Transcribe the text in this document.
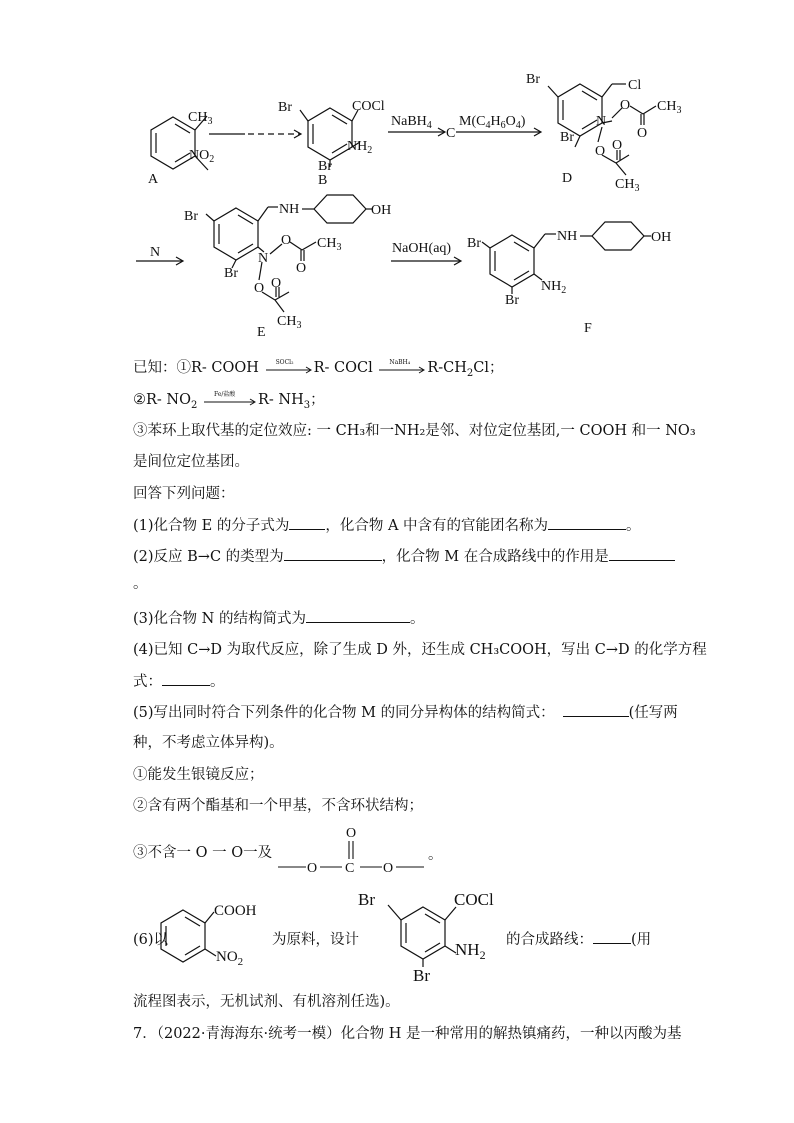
$CH_3$
$NO_2$
A
Br	COCl
$NH_2$
Br
B
NaBH$_4$
C
$M(C_4H_6O_4)$
Br	Cl
Br
N
O
O
O O
$CH_3$
$CH_3$
D
N
Br	NH	OH
Br
N
O
O
O O
$CH_3$
$CH_3$
E
NaOH(aq) Br	NH	OH
$NH_2$
Br
F
已知：①R- COOH	SOCl₂ R- COCl	NaBH₄ $R-CH_2Cl$；
②R- $NO_2$
Fe/盐酸 R- $NH_3$；
③苯环上取代基的定位效应: 一 CH₃和一NH₂是邻、对位定位基团,一 COOH 和一 NO₃
是间位定位基团。
回答下列问题：
(1)化合物 E 的分子式为 ，化合物 A 中含有的官能团名称为	。
(2)反应 B→C 的类型为	，化合物 M 在合成路线中的作用是
。
(3)化合物 N 的结构简式为	。
(4)已知 C→D 为取代反应，除了生成 D 外，还生成 CH₃COOH，写出 C→D 的化学方程
式：	。
(5)写出同时符合下列条件的化合物 M 的同分异构体的结构简式：	(任写两
种，不考虑立体异构)。
①能发生银镜反应；
②含有两个酯基和一个甲基，不含环状结构；
③不含一 O 一 O一及
O
O C O
。
(6)以
COOH
$NO_2$
为原料，设计
Br	COCl
$NH_2$
Br
的合成路线：	(用
流程图表示，无机试剂、有机溶剂任选)。
7．（2022·青海海东·统考一模）化合物 H 是一种常用的解热镇痛药，一种以丙酸为基
